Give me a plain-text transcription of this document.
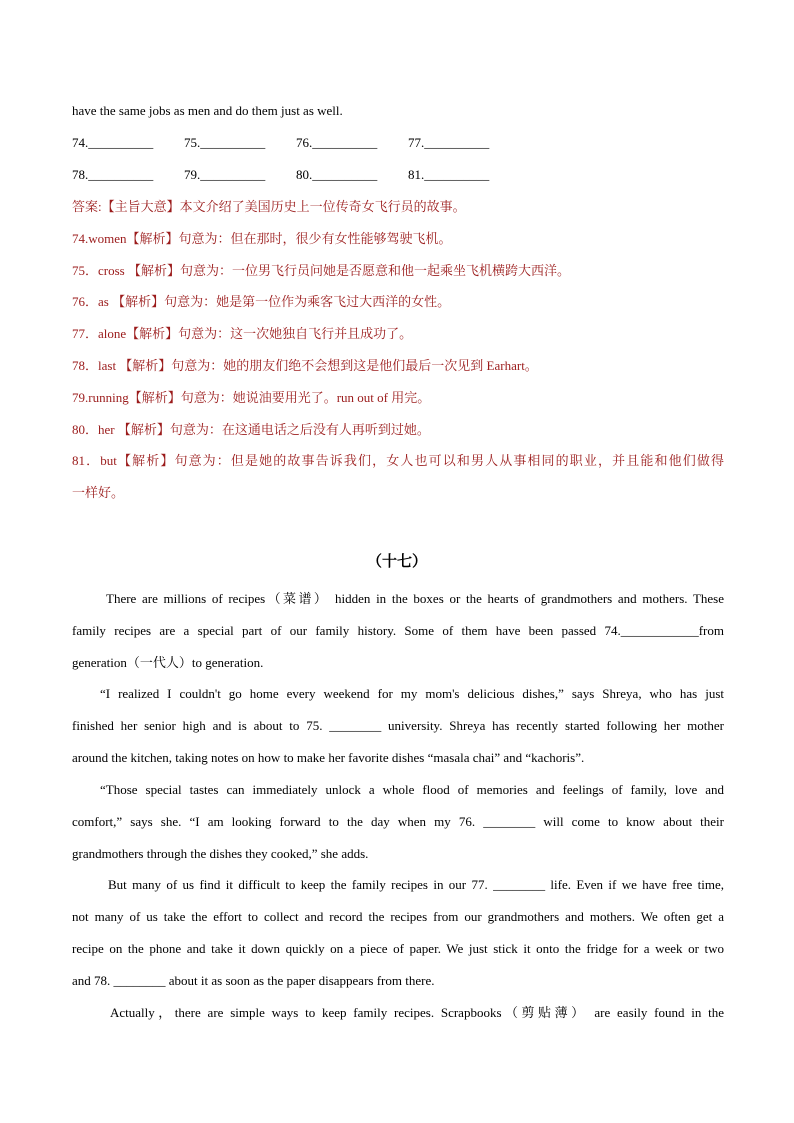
have the same jobs as men and do them just as well.
74.__________ 75.__________ 76.__________ 77.__________
78.__________ 79.__________ 80.__________ 81.__________
答案:【主旨大意】本文介绍了美国历史上一位传奇女飞行员的故事。
74.women【解析】句意为：但在那时，很少有女性能够驾驶飞机。
75．cross 【解析】句意为：一位男飞行员问她是否愿意和他一起乘坐飞机横跨大西洋。
76．as 【解析】句意为：她是第一位作为乘客飞过大西洋的女性。
77．alone【解析】句意为：这一次她独自飞行并且成功了。
78．last 【解析】句意为：她的朋友们绝不会想到这是他们最后一次见到 Earhart。
79.running【解析】句意为：她说油要用光了。run out of 用完。
80．her 【解析】句意为：在这通电话之后没有人再听到过她。
81．but【解析】句意为：但是她的故事告诉我们，女人也可以和男人从事相同的职业，并且能和他们做得
一样好。
（十七）
There are millions of recipes（菜谱） hidden in the boxes or the hearts of grandmothers and mothers. These
family recipes are a special part of our family history. Some of them have been passed 74.____________from
generation（一代人）to generation.
“I realized I couldn't go home every weekend for my mom's delicious dishes,” says Shreya, who has just
finished her senior high and is about to 75. ________ university. Shreya has recently started following her mother
around the kitchen, taking notes on how to make her favorite dishes “masala chai” and “kachoris”.
“Those special tastes can immediately unlock a whole flood of memories and feelings of family, love and
comfort,” says she. “I am looking forward to the day when my 76. ________ will come to know about their
grandmothers through the dishes they cooked,” she adds.
But many of us find it difficult to keep the family recipes in our 77. ________ life. Even if we have free time,
not many of us take the effort to collect and record the recipes from our grandmothers and mothers. We often get a
recipe on the phone and take it down quickly on a piece of paper. We just stick it onto the fridge for a week or two
and 78. ________ about it as soon as the paper disappears from there.
Actually，there are simple ways to keep family recipes. Scrapbooks（剪贴薄） are easily found in the
